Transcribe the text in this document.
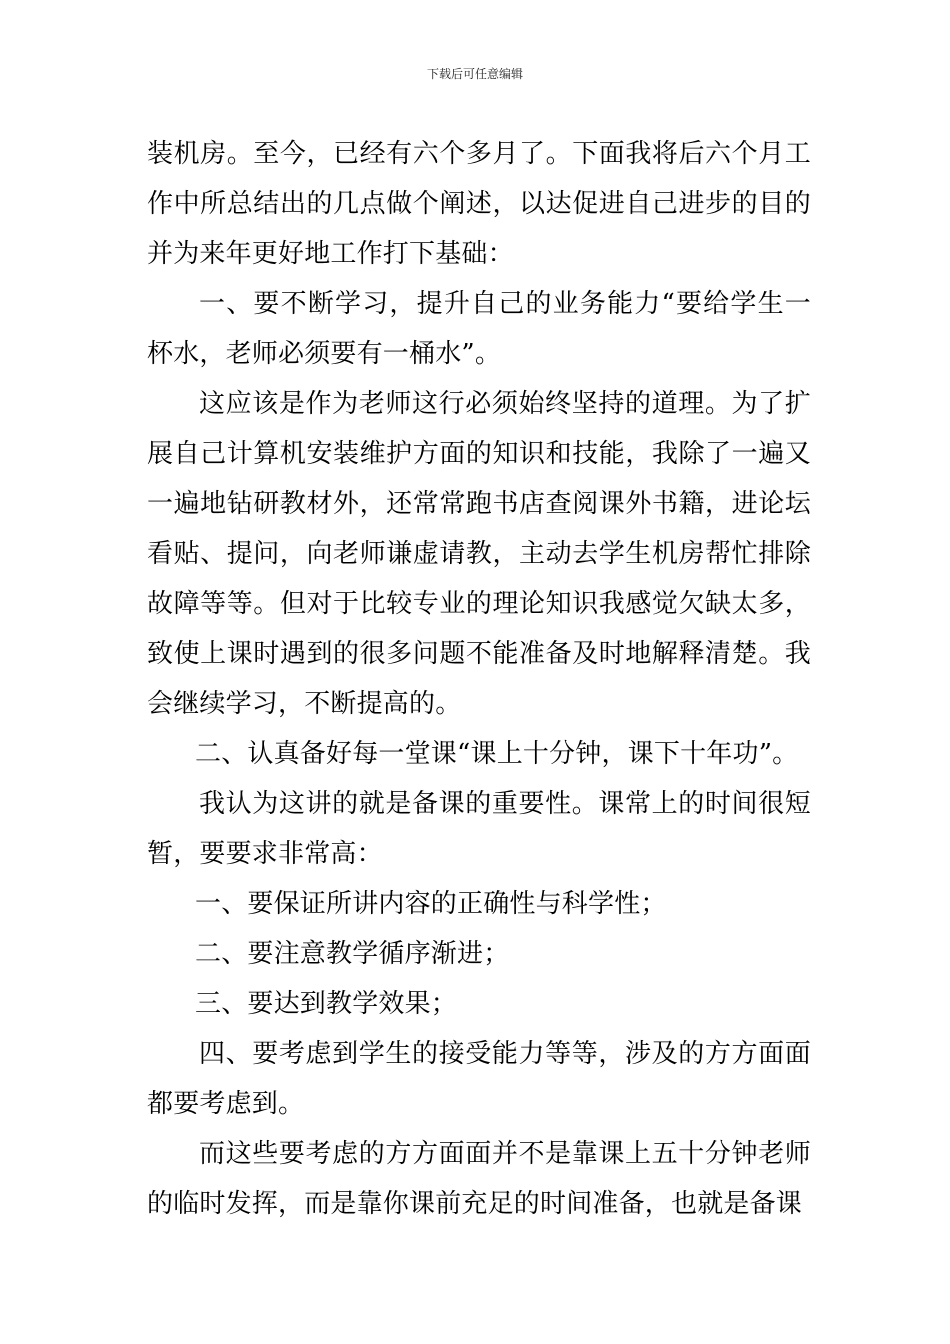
下载后可任意编辑

装机房。至今，已经有六个多月了。下面我将后六个月工作中所总结出的几点做个阐述，以达促进自己进步的目的并为来年更好地工作打下基础：

一、要不断学习，提升自己的业务能力“要给学生一杯水，老师必须要有一桶水”。

这应该是作为老师这行必须始终坚持的道理。为了扩展自己计算机安装维护方面的知识和技能，我除了一遍又一遍地钻研教材外，还常常跑书店查阅课外书籍，进论坛看贴、提问，向老师谦虚请教，主动去学生机房帮忙排除故障等等。但对于比较专业的理论知识我感觉欠缺太多，致使上课时遇到的很多问题不能准备及时地解释清楚。我会继续学习，不断提高的。

二、认真备好每一堂课“课上十分钟，课下十年功”。

我认为这讲的就是备课的重要性。课常上的时间很短暂，要要求非常高：

一、要保证所讲内容的正确性与科学性；

二、要注意教学循序渐进；

三、要达到教学效果；

四、要考虑到学生的接受能力等等，涉及的方方面面都要考虑到。

而这些要考虑的方方面面并不是靠课上五十分钟老师的临时发挥，而是靠你课前充足的时间准备，也就是备课
